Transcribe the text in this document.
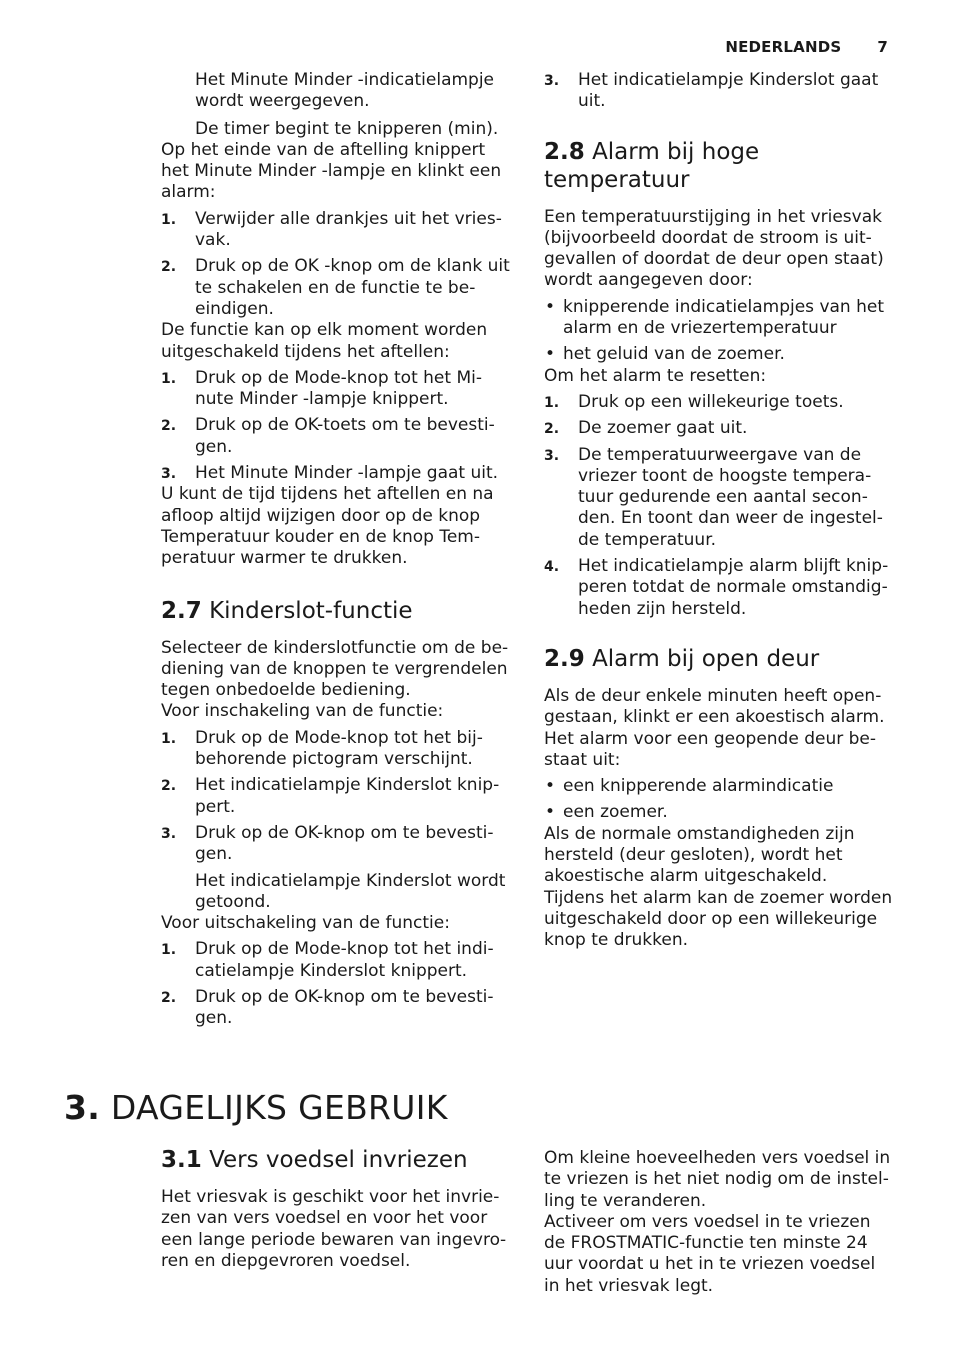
NEDERLANDS 7

Het Minute Minder -indicatielampje wordt weergegeven.

De timer begint te knipperen (min).

Op het einde van de aftelling knippert het Minute Minder -lampje en klinkt een alarm:

1. Verwijder alle drankjes uit het vriesvak.
2. Druk op de OK -knop om de klank uit te schakelen en de functie te beeindigen.

De functie kan op elk moment worden uitgeschakeld tijdens het aftellen:

1. Druk op de Mode-knop tot het Minute Minder -lampje knippert.
2. Druk op de OK-toets om te bevestigen.
3. Het Minute Minder -lampje gaat uit.

U kunt de tijd tijdens het aftellen en na afloop altijd wijzigen door op de knop Temperatuur kouder en de knop Temperatuur warmer te drukken.

2.7 Kinderslot-functie

Selecteer de kinderslotfunctie om de bediening van de knoppen te vergrendelen tegen onbedoelde bediening.

Voor inschakeling van de functie:

1. Druk op de Mode-knop tot het bijbehorende pictogram verschijnt.
2. Het indicatielampje Kinderslot knippert.
3. Druk op de OK-knop om te bevestigen.

Het indicatielampje Kinderslot wordt getoond.

Voor uitschakeling van de functie:

1. Druk op de Mode-knop tot het indicatielampje Kinderslot knippert.
2. Druk op de OK-knop om te bevestigen.
3. Het indicatielampje Kinderslot gaat uit.
2.8 Alarm bij hoge temperatuur

Een temperatuurstijging in het vriesvak (bijvoorbeeld doordat de stroom is uitgevallen of doordat de deur open staat) wordt aangegeven door:

• knipperende indicatielampjes van het alarm en de vriezertemperatuur
• het geluid van de zoemer.

Om het alarm te resetten:

1. Druk op een willekeurige toets.
2. De zoemer gaat uit.
3. De temperatuurweergave van de vriezer toont de hoogste temperatuur gedurende een aantal seconden. En toont dan weer de ingestelde temperatuur.
4. Het indicatielampje alarm blijft knipperen totdat de normale omstandigheden zijn hersteld.
2.9 Alarm bij open deur

Als de deur enkele minuten heeft opengestaan, klinkt er een akoestisch alarm. Het alarm voor een geopende deur bestaat uit:

• een knipperende alarmindicatie
• een zoemer.

Als de normale omstandigheden zijn hersteld (deur gesloten), wordt het akoestische alarm uitgeschakeld.

Tijdens het alarm kan de zoemer worden uitgeschakeld door op een willekeurige knop te drukken.

3. DAGELIJKS GEBRUIK
3.1 Vers voedsel invriezen

Het vriesvak is geschikt voor het invriezen van vers voedsel en voor het voor een lange periode bewaren van ingevroren en diepgevroren voedsel.

Om kleine hoeveelheden vers voedsel in te vriezen is het niet nodig om de instelling te veranderen.

Activeer om vers voedsel in te vriezen de FROSTMATIC-functie ten minste 24 uur voordat u het in te vriezen voedsel in het vriesvak legt.
